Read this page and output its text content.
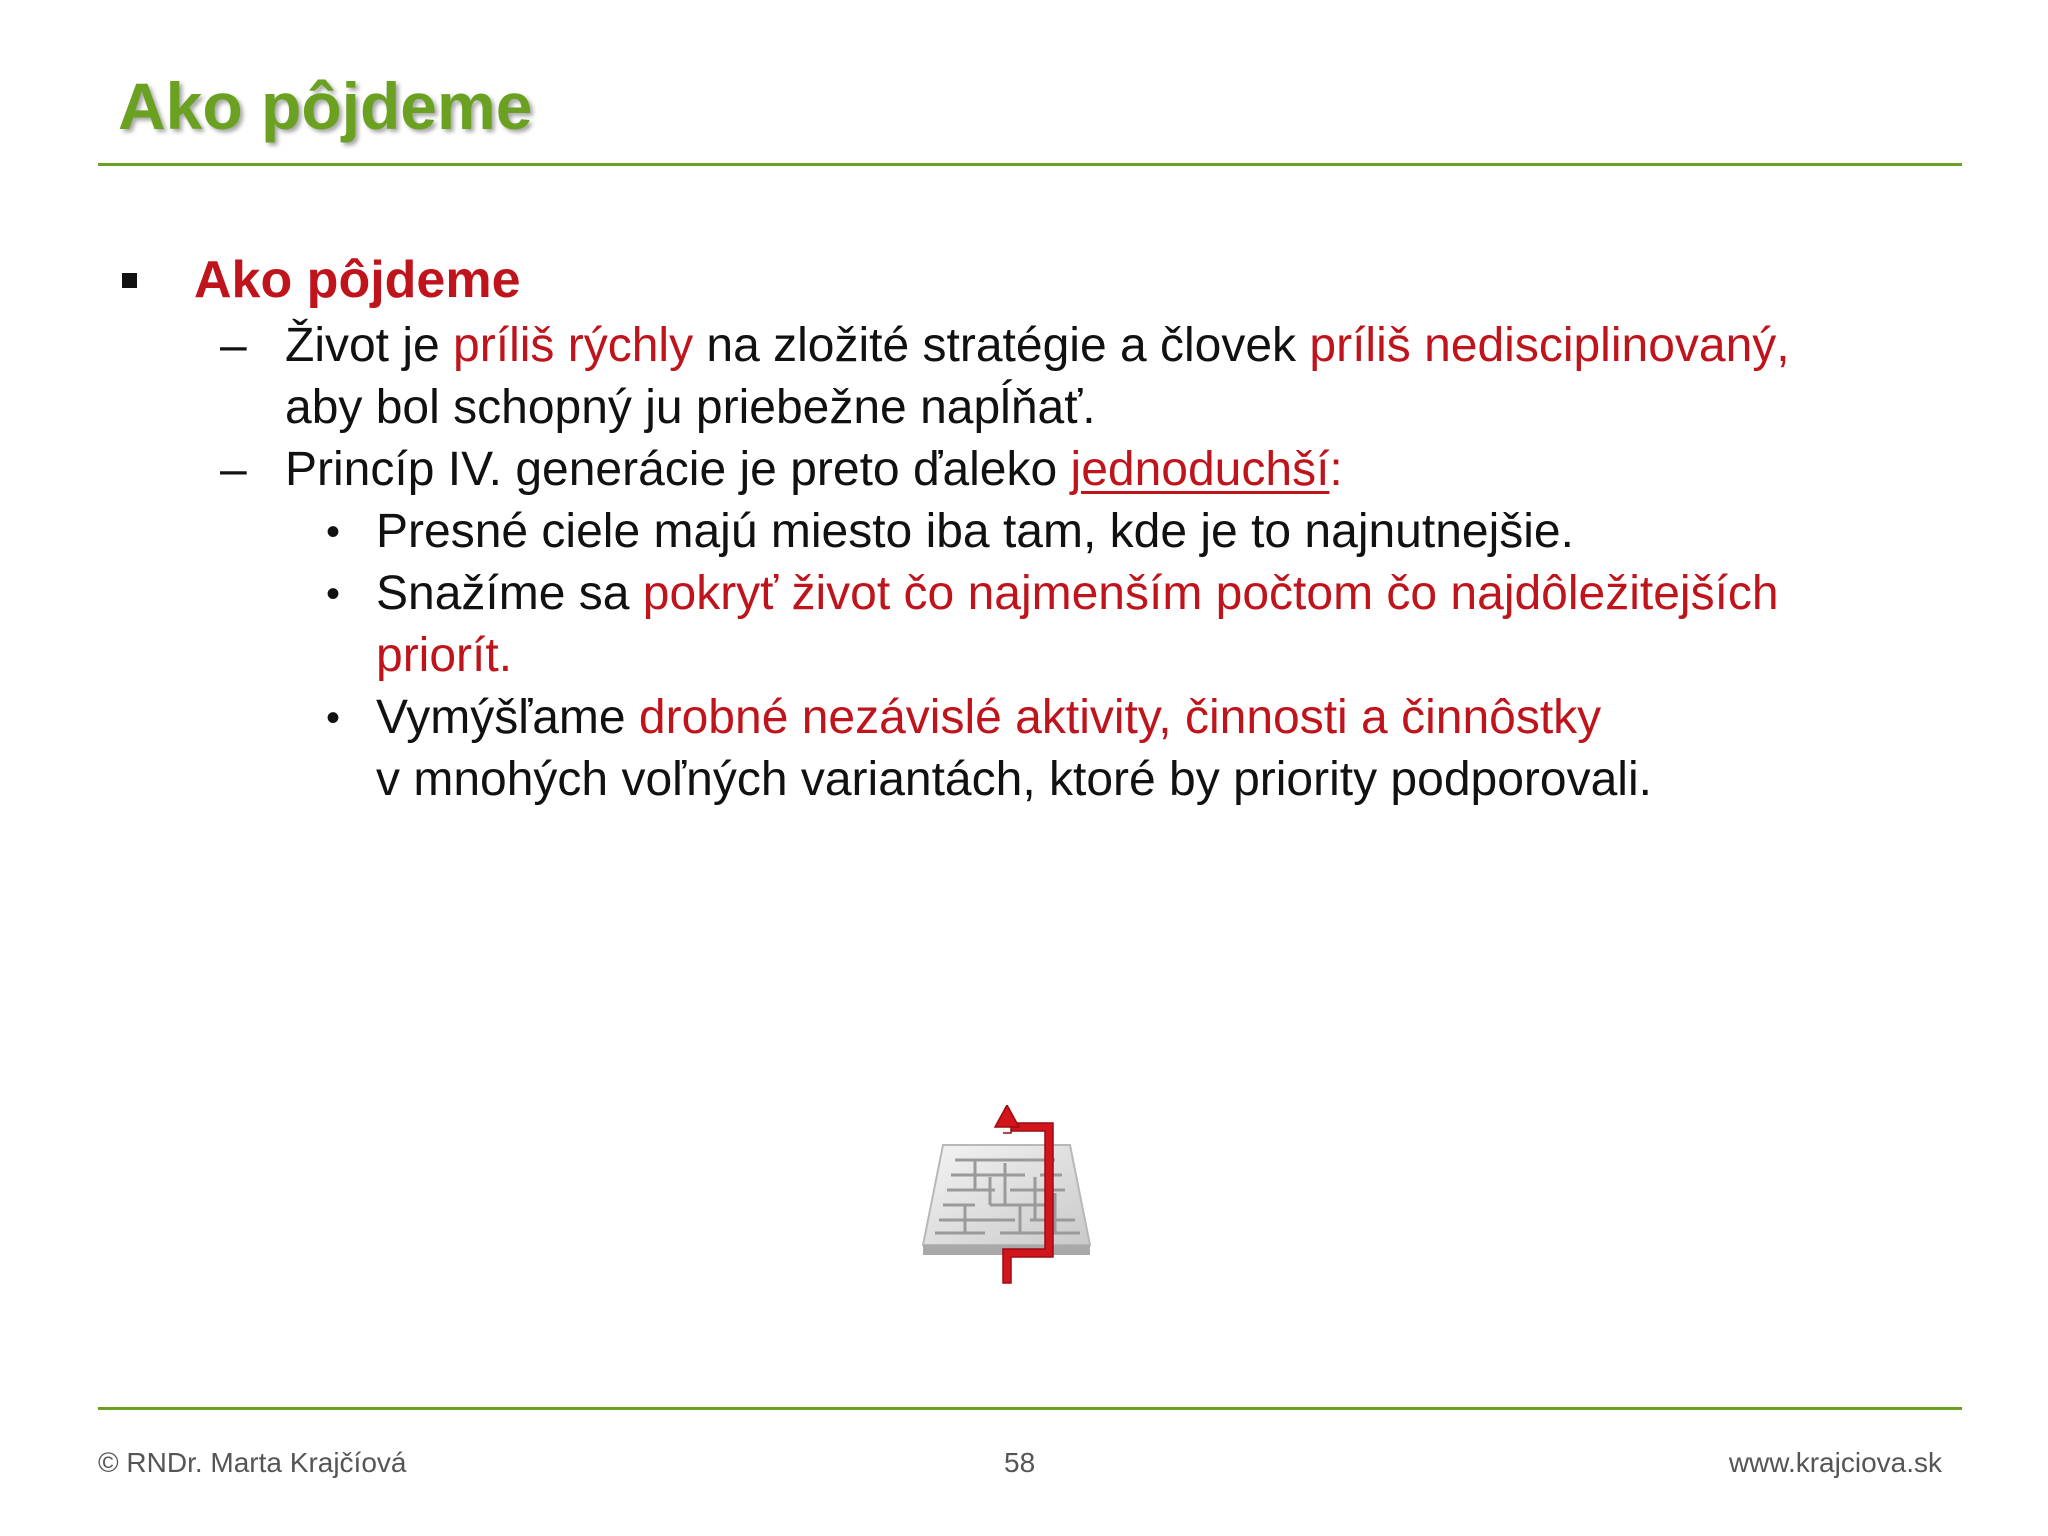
Ako pôjdeme
Ako pôjdeme
– Život je príliš rýchly na zložité stratégie a človek príliš nedisciplinovaný,
aby bol schopný ju priebežne napĺňať.
– Princíp IV. generácie je preto ďaleko jednoduchší:
• Presné ciele majú miesto iba tam, kde je to najnutnejšie.
• Snažíme sa pokryť život čo najmenším počtom čo najdôležitejších
priorít.
• Vymýšľame drobné nezávislé aktivity, činnosti a činnôstky
v mnohých voľných variantách, ktoré by priority podporovali.
© RNDr. Marta Krajčíová	58	www.krajciova.sk
